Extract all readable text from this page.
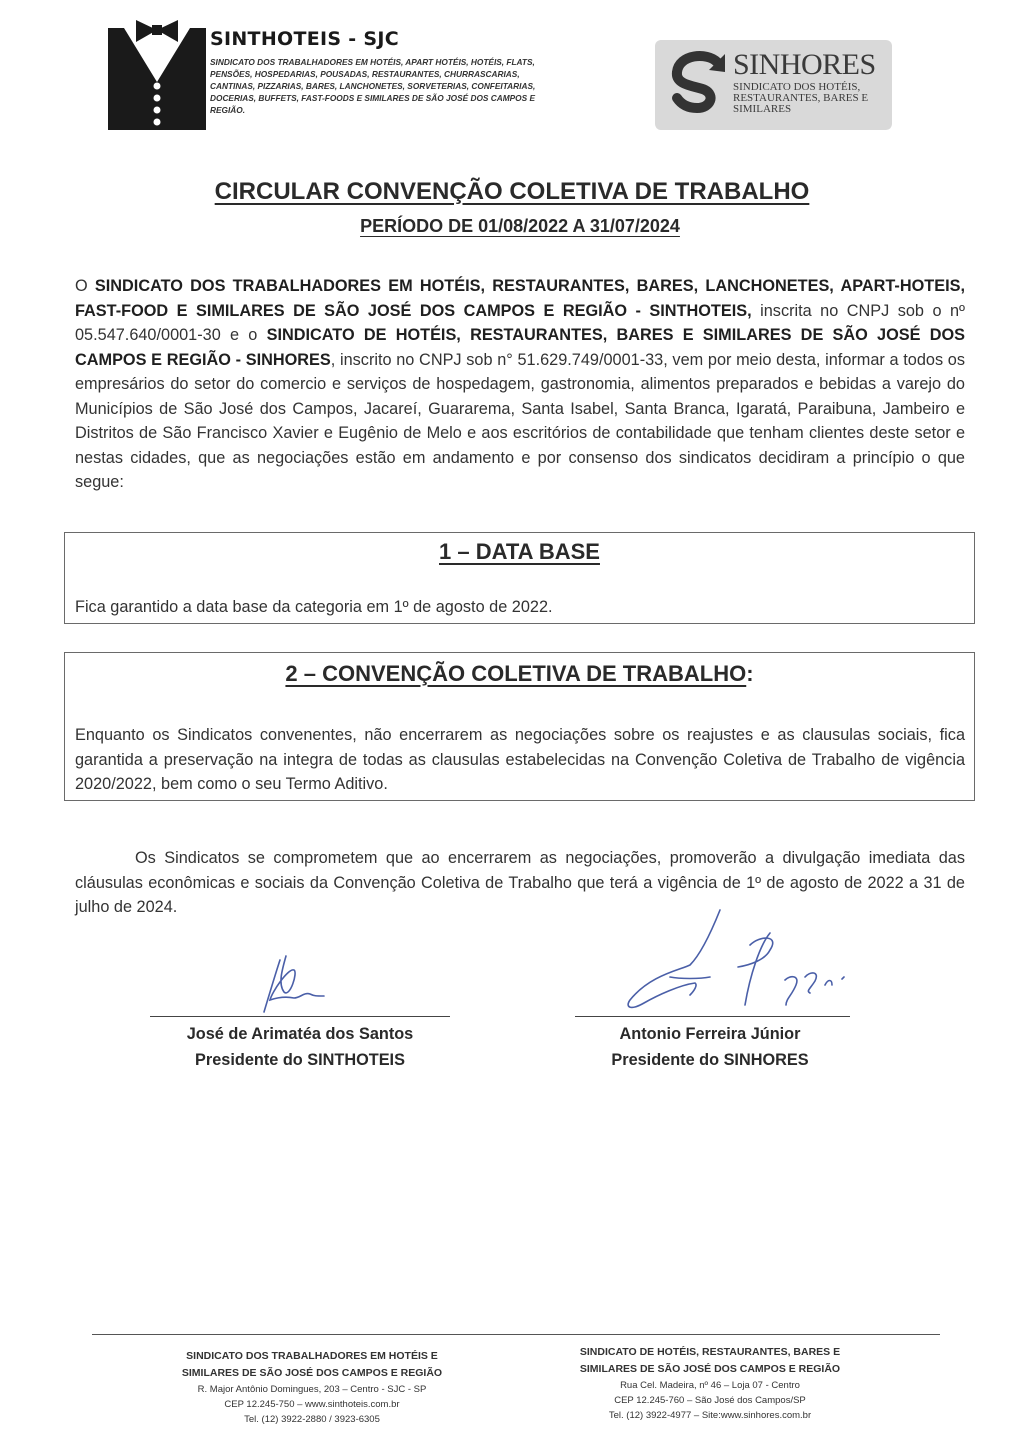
SINTHOTEIS - SJC
SINDICATO DOS TRABALHADORES EM HOTÉIS, APART HOTÉIS, HOTÉIS, FLATS, PENSÕES, HOSPEDARIAS, POUSADAS, RESTAURANTES, CHURRASCARIAS, CANTINAS, PIZZARIAS, BARES, LANCHONETES, SORVETERIAS, CONFEITARIAS, DOCERIAS, BUFFETS, FAST-FOODS E SIMILARES DE SÃO JOSÉ DOS CAMPOS E REGIÃO.
SINHORES
SINDICATO DOS HOTÉIS, RESTAURANTES, BARES E SIMILARES
CIRCULAR CONVENÇÃO COLETIVA DE TRABALHO
PERÍODO DE 01/08/2022 A 31/07/2024
O SINDICATO DOS TRABALHADORES EM HOTÉIS, RESTAURANTES, BARES, LANCHONETES, APART-HOTEIS, FAST-FOOD E SIMILARES DE SÃO JOSÉ DOS CAMPOS E REGIÃO - SINTHOTEIS, inscrita no CNPJ sob o nº 05.547.640/0001-30 e o SINDICATO DE HOTÉIS, RESTAURANTES, BARES E SIMILARES DE SÃO JOSÉ DOS CAMPOS E REGIÃO - SINHORES, inscrito no CNPJ sob n° 51.629.749/0001-33, vem por meio desta, informar a todos os empresários do setor do comercio e serviços de hospedagem, gastronomia, alimentos preparados e bebidas a varejo do Municípios de São José dos Campos, Jacareí, Guararema, Santa Isabel, Santa Branca, Igaratá, Paraibuna, Jambeiro e Distritos de São Francisco Xavier e Eugênio de Melo e aos escritórios de contabilidade que tenham clientes deste setor e nestas cidades, que as negociações estão em andamento e por consenso dos sindicatos decidiram a princípio o que segue:
1 – DATA BASE
Fica garantido a data base da categoria em 1º de agosto de 2022.
2 – CONVENÇÃO COLETIVA DE TRABALHO:
Enquanto os Sindicatos convenentes, não encerrarem as negociações sobre os reajustes e as clausulas sociais, fica garantida a preservação na integra de todas as clausulas estabelecidas na Convenção Coletiva de Trabalho de vigência 2020/2022, bem como o seu Termo Aditivo.
Os Sindicatos se comprometem que ao encerrarem as negociações, promoverão a divulgação imediata das cláusulas econômicas e sociais da Convenção Coletiva de Trabalho que terá a vigência de 1º de agosto de 2022 a 31 de julho de 2024.
José de Arimatéa dos Santos
Presidente do SINTHOTEIS
Antonio Ferreira Júnior
Presidente do SINHORES
SINDICATO DOS TRABALHADORES EM HOTÉIS E
SIMILARES DE SÃO JOSÉ DOS CAMPOS E REGIÃO
R. Major Antônio Domingues, 203 – Centro - SJC - SP
CEP 12.245-750 – www.sinthoteis.com.br
Tel. (12) 3922-2880 / 3923-6305
SINDICATO DE HOTÉIS, RESTAURANTES, BARES E
SIMILARES DE SÃO JOSÉ DOS CAMPOS E REGIÃO
Rua Cel. Madeira, nº 46 – Loja 07 - Centro
CEP 12.245-760 – São José dos Campos/SP
Tel. (12) 3922-4977 – Site:www.sinhores.com.br
